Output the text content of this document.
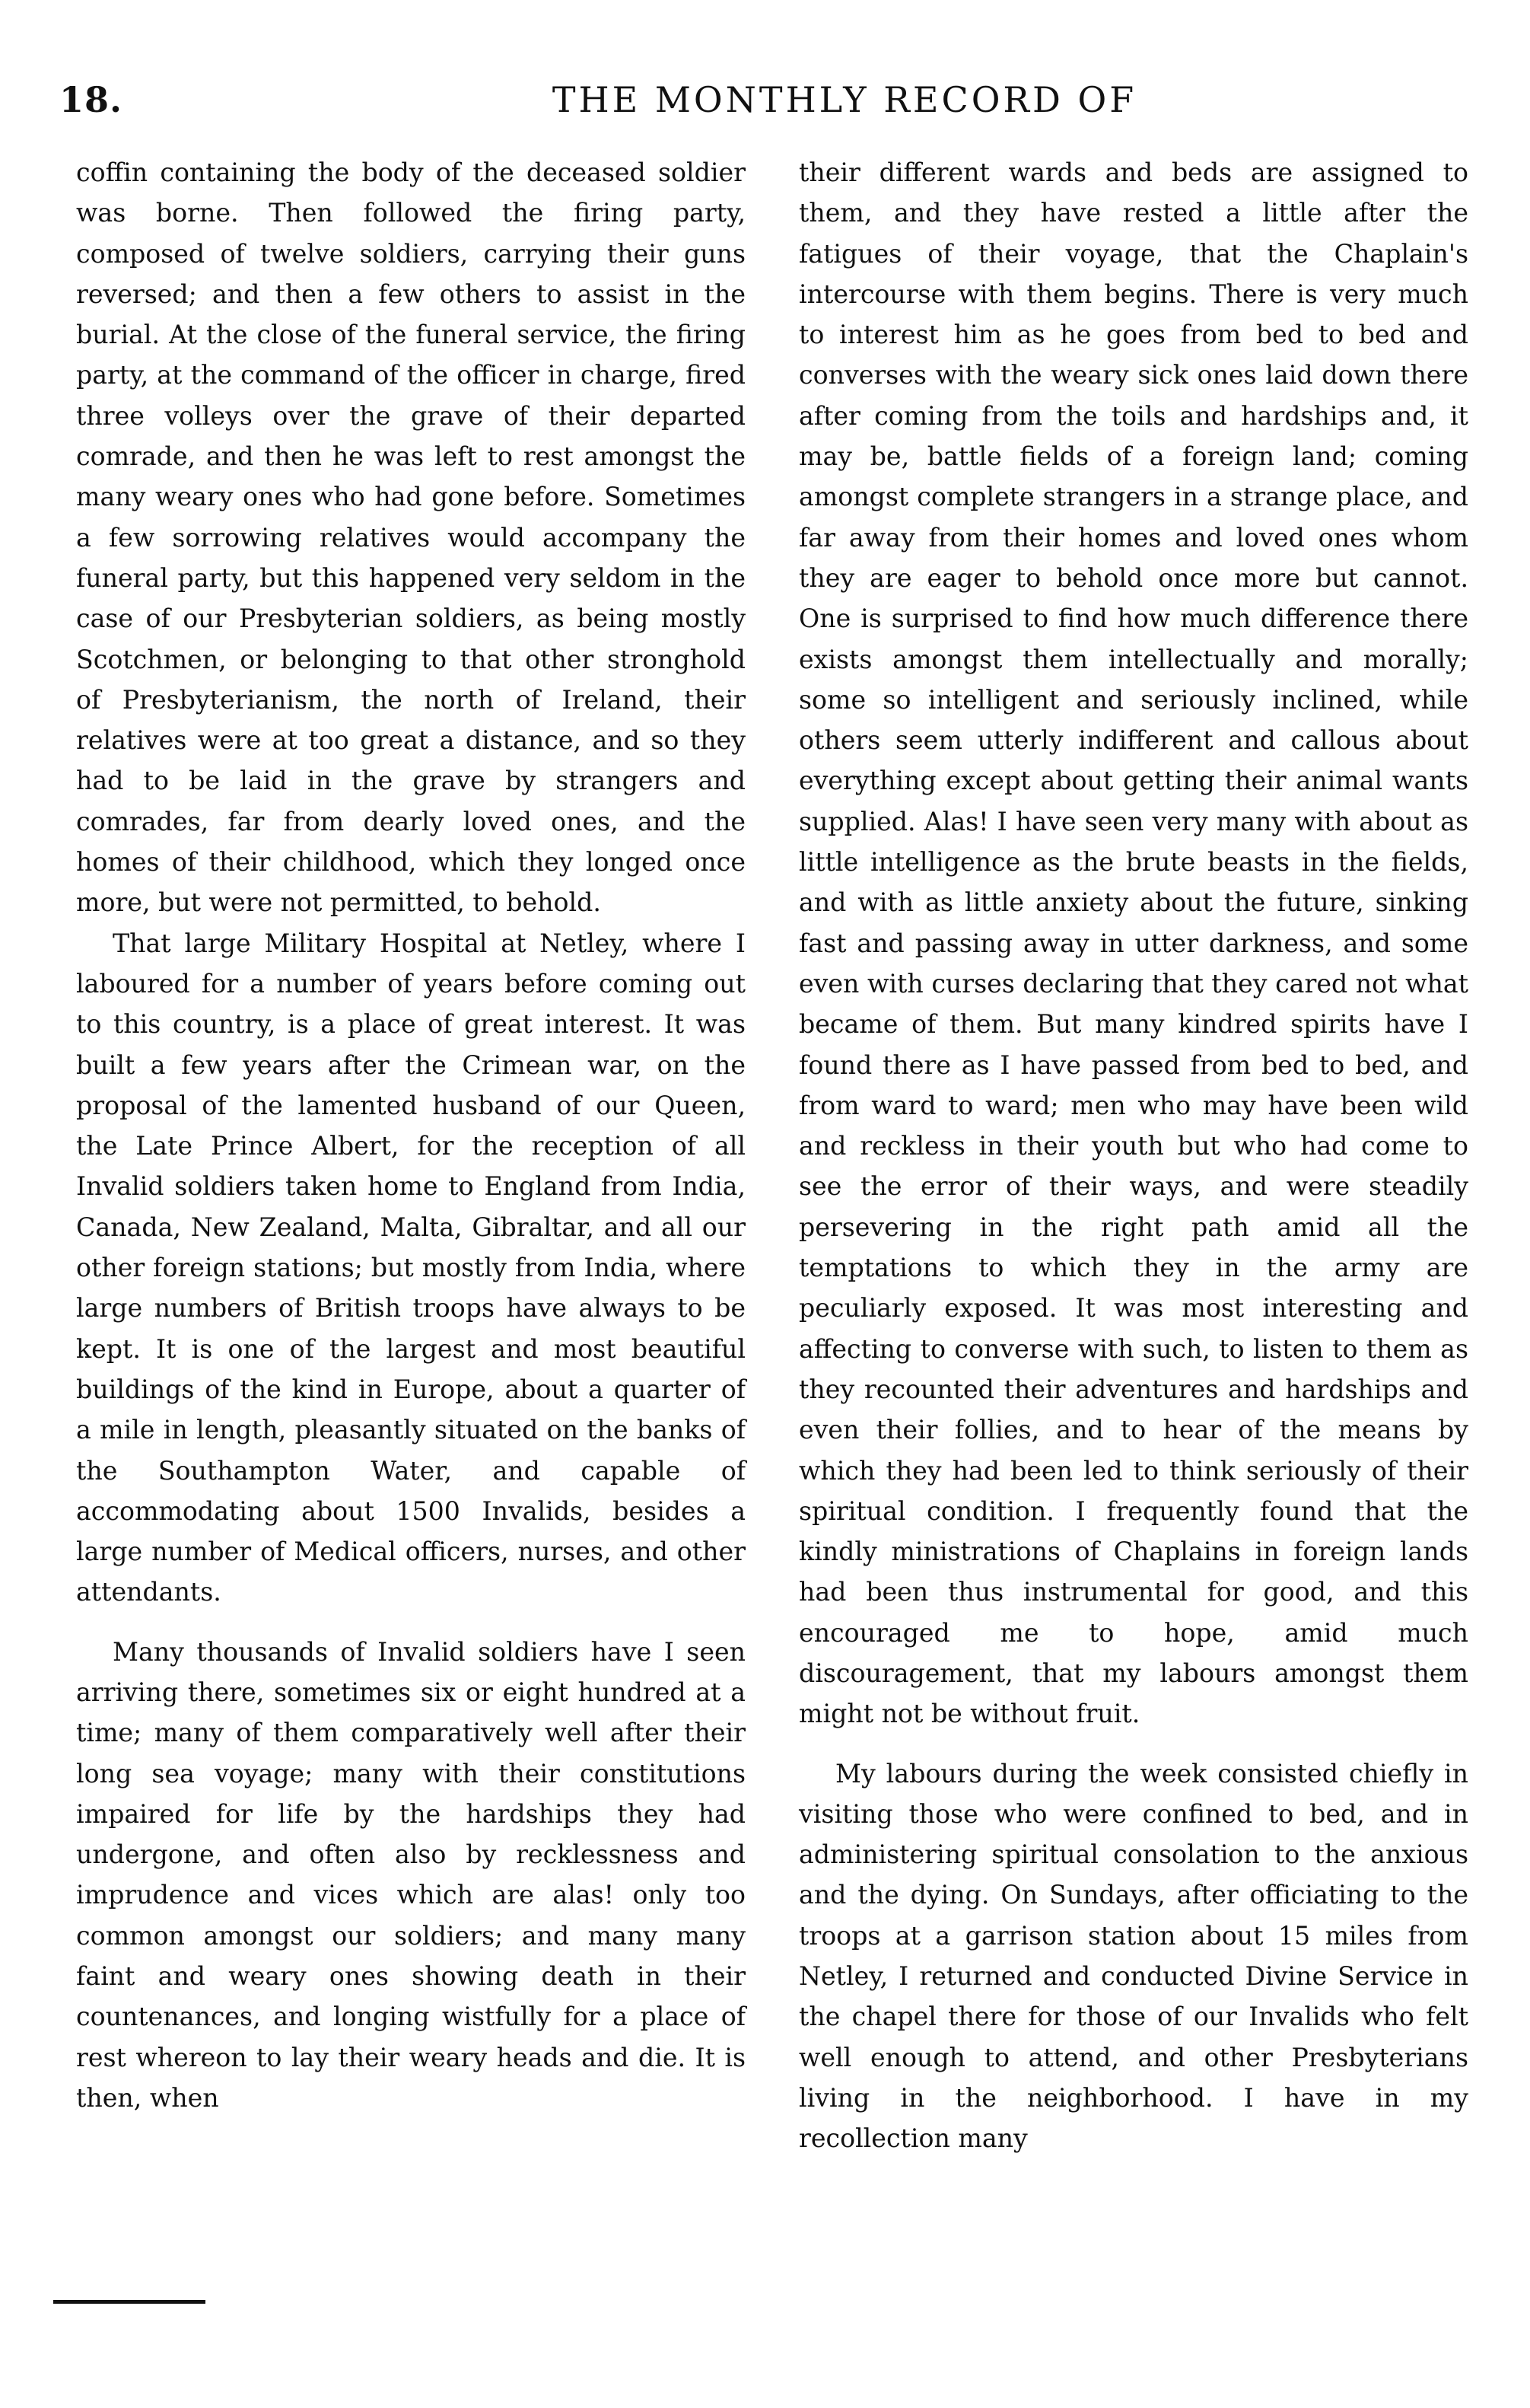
18.	THE MONTHLY RECORD OF

coffin containing the body of the deceased soldier was borne. Then followed the firing party, composed of twelve soldiers, carrying their guns reversed; and then a few others to assist in the burial. At the close of the funeral service, the firing party, at the command of the officer in charge, fired three volleys over the grave of their departed comrade, and then he was left to rest amongst the many weary ones who had gone before. Sometimes a few sorrowing relatives would accompany the funeral party, but this happened very seldom in the case of our Presbyterian soldiers, as being mostly Scotchmen, or belonging to that other stronghold of Presbyterianism, the north of Ireland, their relatives were at too great a distance, and so they had to be laid in the grave by strangers and comrades, far from dearly loved ones, and the homes of their childhood, which they longed once more, but were not permitted, to behold.

That large Military Hospital at Netley, where I laboured for a number of years before coming out to this country, is a place of great interest. It was built a few years after the Crimean war, on the proposal of the lamented husband of our Queen, the Late Prince Albert, for the reception of all Invalid soldiers taken home to England from India, Canada, New Zealand, Malta, Gibraltar, and all our other foreign stations; but mostly from India, where large numbers of British troops have always to be kept. It is one of the largest and most beautiful buildings of the kind in Europe, about a quarter of a mile in length, pleasantly situated on the banks of the Southampton Water, and capable of accommodating about 1500 Invalids, besides a large number of Medical officers, nurses, and other attendants.

Many thousands of Invalid soldiers have I seen arriving there, sometimes six or eight hundred at a time; many of them comparatively well after their long sea voyage; many with their constitutions impaired for life by the hardships they had undergone, and often also by recklessness and imprudence and vices which are alas! only too common amongst our soldiers; and many many faint and weary ones showing death in their countenances, and longing wistfully for a place of rest whereon to lay their weary heads and die. It is then, when

their different wards and beds are assigned to them, and they have rested a little after the fatigues of their voyage, that the Chaplain's intercourse with them begins. There is very much to interest him as he goes from bed to bed and converses with the weary sick ones laid down there after coming from the toils and hardships and, it may be, battle fields of a foreign land; coming amongst complete strangers in a strange place, and far away from their homes and loved ones whom they are eager to behold once more but cannot. One is surprised to find how much difference there exists amongst them intellectually and morally; some so intelligent and seriously inclined, while others seem utterly indifferent and callous about everything except about getting their animal wants supplied. Alas! I have seen very many with about as little intelligence as the brute beasts in the fields, and with as little anxiety about the future, sinking fast and passing away in utter darkness, and some even with curses declaring that they cared not what became of them. But many kindred spirits have I found there as I have passed from bed to bed, and from ward to ward; men who may have been wild and reckless in their youth but who had come to see the error of their ways, and were steadily persevering in the right path amid all the temptations to which they in the army are peculiarly exposed. It was most interesting and affecting to converse with such, to listen to them as they recounted their adventures and hardships and even their follies, and to hear of the means by which they had been led to think seriously of their spiritual condition. I frequently found that the kindly ministrations of Chaplains in foreign lands had been thus instrumental for good, and this encouraged me to hope, amid much discouragement, that my labours amongst them might not be without fruit.

My labours during the week consisted chiefly in visiting those who were confined to bed, and in administering spiritual consolation to the anxious and the dying. On Sundays, after officiating to the troops at a garrison station about 15 miles from Netley, I returned and conducted Divine Service in the chapel there for those of our Invalids who felt well enough to attend, and other Presbyterians living in the neighborhood. I have in my recollection many
